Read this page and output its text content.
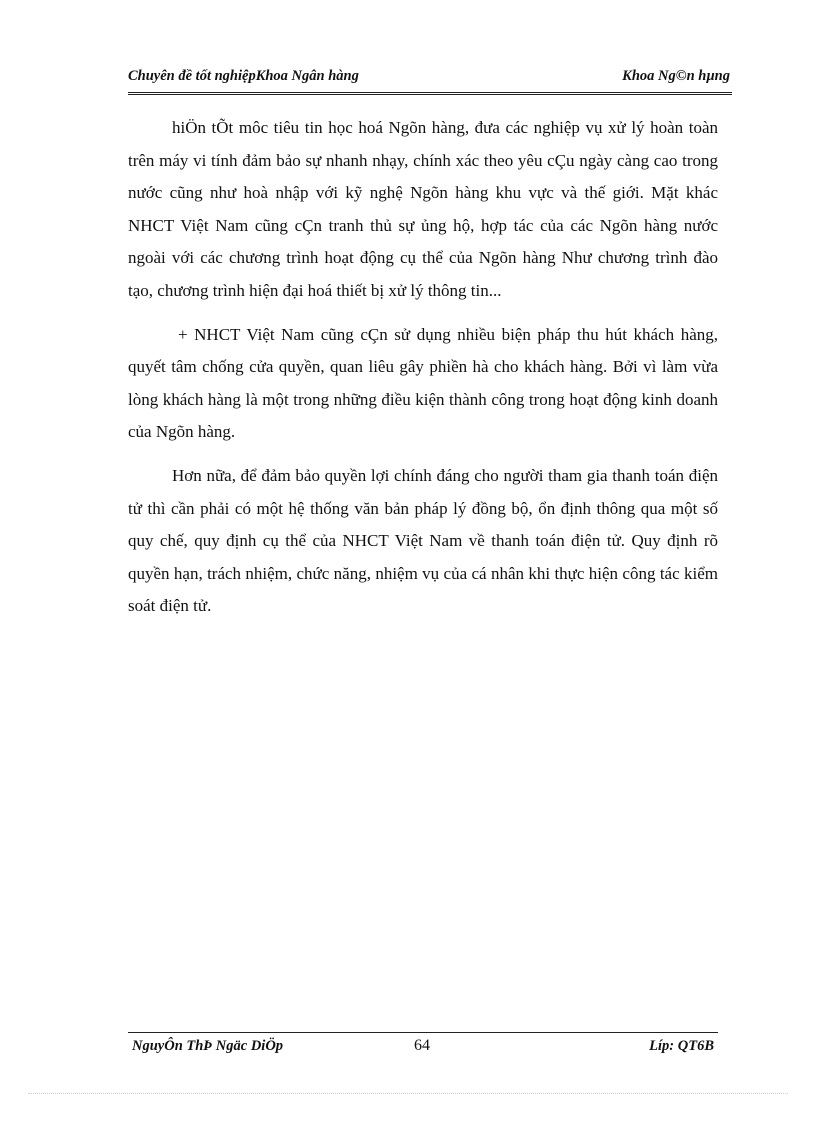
Chuyên đề tốt nghiệpKhoa Ngân hàng	Khoa Ng©n hµng

hiÖn tÕt môc tiêu tin học hoá Ngõn hàng, đưa các nghiệp vụ xử lý hoàn toàn trên máy vi tính đảm bảo sự nhanh nhạy, chính xác theo yêu cÇu ngày càng cao trong nước cũng như hoà nhập với kỹ nghệ Ngõn hàng khu vực và thế giới. Mặt khác NHCT Việt Nam cũng cÇn tranh thủ sự ủng hộ, hợp tác của các Ngõn hàng nước ngoài với các chương trình hoạt động cụ thể của Ngõn hàng Như chương trình đào tạo, chương trình hiện đại hoá thiết bị xử lý thông tin...

+ NHCT Việt Nam cũng cÇn sử dụng nhiều biện pháp thu hút khách hàng, quyết tâm chống cửa quyền, quan liêu gây phiền hà cho khách hàng. Bởi vì làm vừa lòng khách hàng là một trong những điều kiện thành công trong hoạt động kinh doanh của Ngõn hàng.

Hơn nữa, để đảm bảo quyền lợi chính đáng cho người tham gia thanh toán điện tử thì cần phải có một hệ thống văn bản pháp lý đồng bộ, ổn định thông qua một số quy chế, quy định cụ thể của NHCT Việt Nam về thanh toán điện tử. Quy định rõ quyền hạn, trách nhiệm, chức năng, nhiệm vụ của cá nhân khi thực hiện công tác kiểm soát điện tử.

NguyÔn ThÞ Ngäc DiÖp	64	Líp: QT6B
